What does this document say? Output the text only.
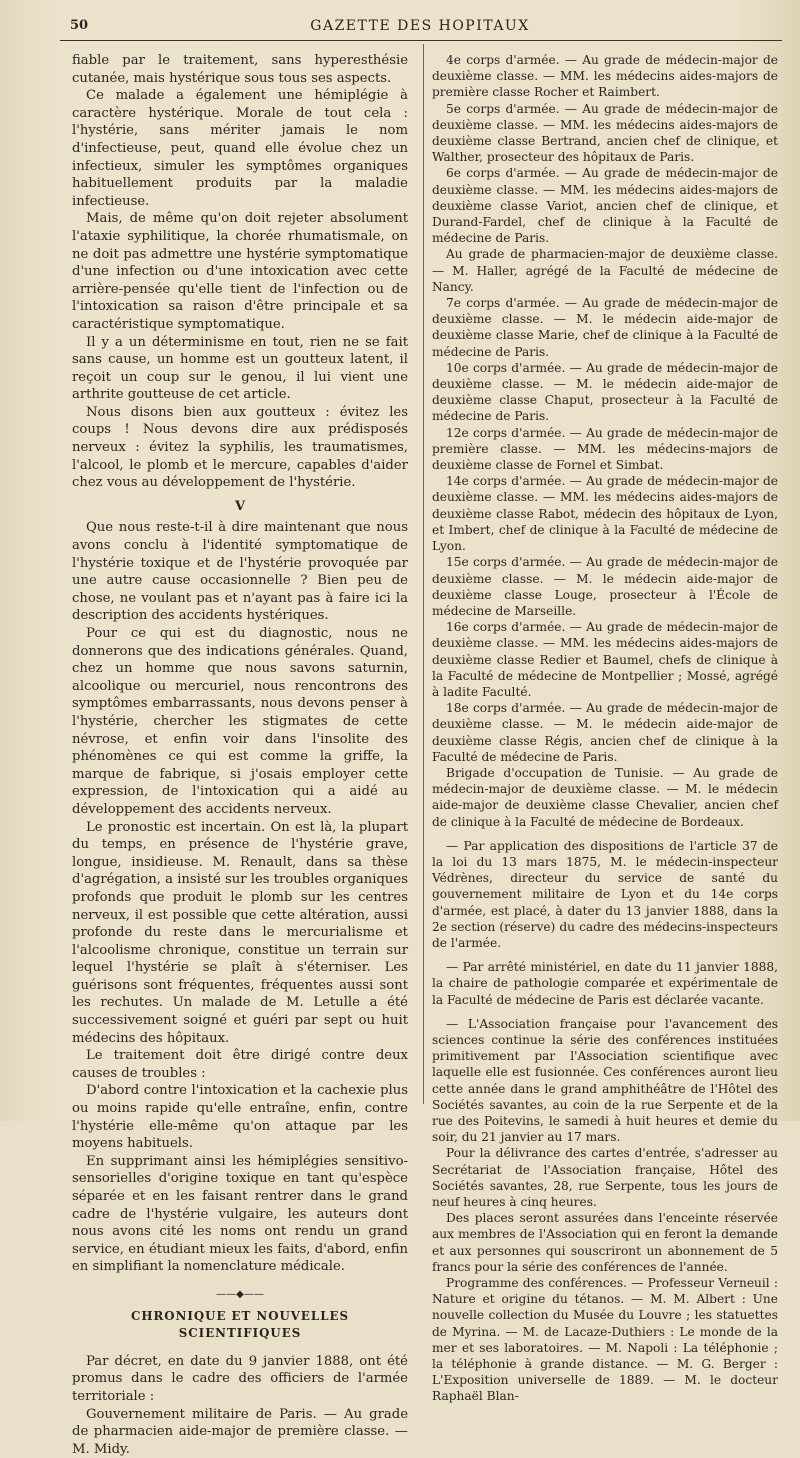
50	GAZETTE DES HOPITAUX

fiable par le traitement, sans hyperesthésie cutanée, mais hystérique sous tous ses aspects.

Ce malade a également une hémiplégie à caractère hystérique. Morale de tout cela : l'hystérie, sans mériter jamais le nom d'infectieuse, peut, quand elle évolue chez un infectieux, simuler les symptômes organiques habituellement produits par la maladie infectieuse.

Mais, de même qu'on doit rejeter absolument l'ataxie syphilitique, la chorée rhumatismale, on ne doit pas admettre une hystérie symptomatique d'une infection ou d'une intoxication avec cette arrière-pensée qu'elle tient de l'infection ou de l'intoxication sa raison d'être principale et sa caractéristique symptomatique.

Il y a un déterminisme en tout, rien ne se fait sans cause, un homme est un goutteux latent, il reçoit un coup sur le genou, il lui vient une arthrite goutteuse de cet article.

Nous disons bien aux goutteux : évitez les coups ! Nous devons dire aux prédisposés nerveux : évitez la syphilis, les traumatismes, l'alcool, le plomb et le mercure, capables d'aider chez vous au développement de l'hystérie.

V

Que nous reste-t-il à dire maintenant que nous avons conclu à l'identité symptomatique de l'hystérie toxique et de l'hystérie provoquée par une autre cause occasionnelle ? Bien peu de chose, ne voulant pas et n'ayant pas à faire ici la description des accidents hystériques.

Pour ce qui est du diagnostic, nous ne donnerons que des indications générales. Quand, chez un homme que nous savons saturnin, alcoolique ou mercuriel, nous rencontrons des symptômes embarrassants, nous devons penser à l'hystérie, chercher les stigmates de cette névrose, et enfin voir dans l'insolite des phénomènes ce qui est comme la griffe, la marque de fabrique, si j'osais employer cette expression, de l'intoxication qui a aidé au développement des accidents nerveux.

Le pronostic est incertain. On est là, la plupart du temps, en présence de l'hystérie grave, longue, insidieuse. M. Renault, dans sa thèse d'agrégation, a insisté sur les troubles organiques profonds que produit le plomb sur les centres nerveux, il est possible que cette altération, aussi profonde du reste dans le mercurialisme et l'alcoolisme chronique, constitue un terrain sur lequel l'hystérie se plaît à s'éterniser. Les guérisons sont fréquentes, fréquentes aussi sont les rechutes. Un malade de M. Letulle a été successivement soigné et guéri par sept ou huit médecins des hôpitaux.

Le traitement doit être dirigé contre deux causes de troubles :

D'abord contre l'intoxication et la cachexie plus ou moins rapide qu'elle entraîne, enfin, contre l'hystérie elle-même qu'on attaque par les moyens habituels.

En supprimant ainsi les hémiplégies sensitivo-sensorielles d'origine toxique en tant qu'espèce séparée et en les faisant rentrer dans le grand cadre de l'hystérie vulgaire, les auteurs dont nous avons cité les noms ont rendu un grand service, en étudiant mieux les faits, d'abord, enfin en simplifiant la nomenclature médicale.

——◆——
CHRONIQUE ET NOUVELLES SCIENTIFIQUES

Par décret, en date du 9 janvier 1888, ont été promus dans le cadre des officiers de l'armée territoriale :

Gouvernement militaire de Paris. — Au grade de pharmacien aide-major de première classe. — M. Midy.

4e corps d'armée. — Au grade de médecin-major de deuxième classe. — MM. les médecins aides-majors de première classe Rocher et Raimbert.

5e corps d'armée. — Au grade de médecin-major de deuxième classe. — MM. les médecins aides-majors de deuxième classe Bertrand, ancien chef de clinique, et Walther, prosecteur des hôpitaux de Paris.

6e corps d'armée. — Au grade de médecin-major de deuxième classe. — MM. les médecins aides-majors de deuxième classe Variot, ancien chef de clinique, et Durand-Fardel, chef de clinique à la Faculté de médecine de Paris.

Au grade de pharmacien-major de deuxième classe. — M. Haller, agrégé de la Faculté de médecine de Nancy.

7e corps d'armée. — Au grade de médecin-major de deuxième classe. — M. le médecin aide-major de deuxième classe Marie, chef de clinique à la Faculté de médecine de Paris.

10e corps d'armée. — Au grade de médecin-major de deuxième classe. — M. le médecin aide-major de deuxième classe Chaput, prosecteur à la Faculté de médecine de Paris.

12e corps d'armée. — Au grade de médecin-major de première classe. — MM. les médecins-majors de deuxième classe de Fornel et Simbat.

14e corps d'armée. — Au grade de médecin-major de deuxième classe. — MM. les médecins aides-majors de deuxième classe Rabot, médecin des hôpitaux de Lyon, et Imbert, chef de clinique à la Faculté de médecine de Lyon.

15e corps d'armée. — Au grade de médecin-major de deuxième classe. — M. le médecin aide-major de deuxième classe Louge, prosecteur à l'École de médecine de Marseille.

16e corps d'armée. — Au grade de médecin-major de deuxième classe. — MM. les médecins aides-majors de deuxième classe Redier et Baumel, chefs de clinique à la Faculté de médecine de Montpellier ; Mossé, agrégé à ladite Faculté.

18e corps d'armée. — Au grade de médecin-major de deuxième classe. — M. le médecin aide-major de deuxième classe Régis, ancien chef de clinique à la Faculté de médecine de Paris.

Brigade d'occupation de Tunisie. — Au grade de médecin-major de deuxième classe. — M. le médecin aide-major de deuxième classe Chevalier, ancien chef de clinique à la Faculté de médecine de Bordeaux.

— Par application des dispositions de l'article 37 de la loi du 13 mars 1875, M. le médecin-inspecteur Védrènes, directeur du service de santé du gouvernement militaire de Lyon et du 14e corps d'armée, est placé, à dater du 13 janvier 1888, dans la 2e section (réserve) du cadre des médecins-inspecteurs de l'armée.

— Par arrêté ministériel, en date du 11 janvier 1888, la chaire de pathologie comparée et expérimentale de la Faculté de médecine de Paris est déclarée vacante.

— L'Association française pour l'avancement des sciences continue la série des conférences instituées primitivement par l'Association scientifique avec laquelle elle est fusionnée. Ces conférences auront lieu cette année dans le grand amphithéâtre de l'Hôtel des Sociétés savantes, au coin de la rue Serpente et de la rue des Poitevins, le samedi à huit heures et demie du soir, du 21 janvier au 17 mars.

Pour la délivrance des cartes d'entrée, s'adresser au Secrétariat de l'Association française, Hôtel des Sociétés savantes, 28, rue Serpente, tous les jours de neuf heures à cinq heures.

Des places seront assurées dans l'enceinte réservée aux membres de l'Association qui en feront la demande et aux personnes qui souscriront un abonnement de 5 francs pour la série des conférences de l'année.

Programme des conférences. — Professeur Verneuil : Nature et origine du tétanos. — M. M. Albert : Une nouvelle collection du Musée du Louvre ; les statuettes de Myrina. — M. de Lacaze-Duthiers : Le monde de la mer et ses laboratoires. — M. Napoli : La téléphonie ; la téléphonie à grande distance. — M. G. Berger : L'Exposition universelle de 1889. — M. le docteur Raphaël Blan-
